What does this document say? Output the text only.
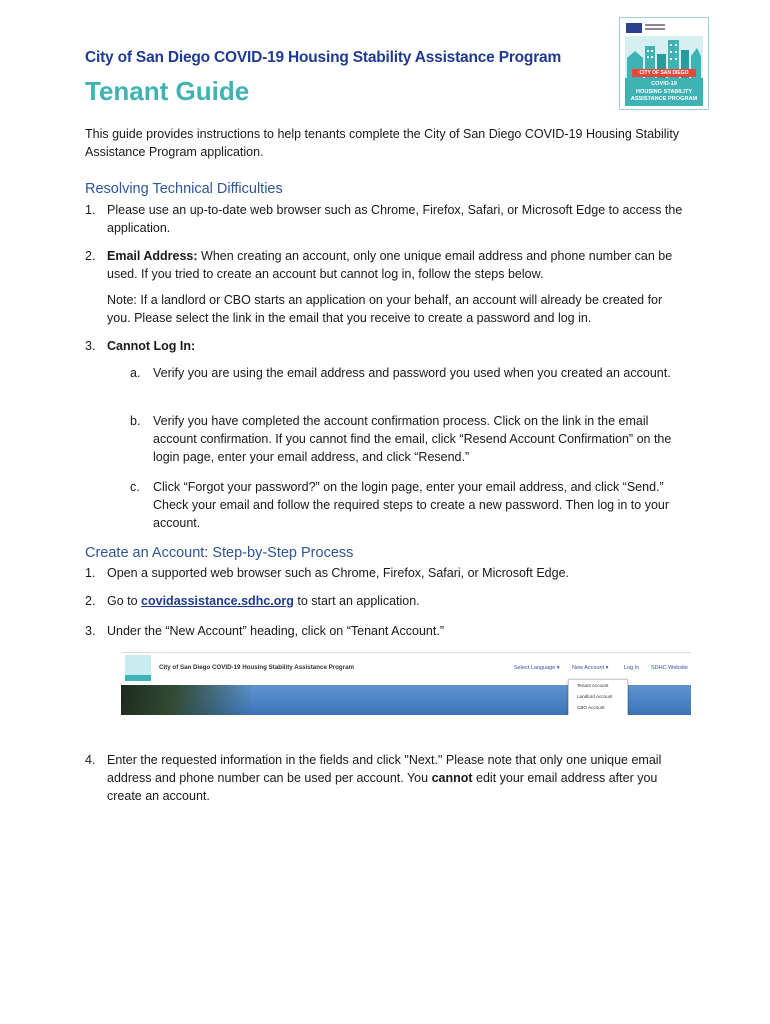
City of San Diego COVID-19 Housing Stability Assistance Program
Tenant Guide
CITY OF SAN DIEGO
COVID-19
HOUSING STABILITY
ASSISTANCE PROGRAM
This guide provides instructions to help tenants complete the City of San Diego COVID-19 Housing Stability Assistance Program application.
Resolving Technical Difficulties
1. Please use an up-to-date web browser such as Chrome, Firefox, Safari, or Microsoft Edge to access the application.
2. Email Address: When creating an account, only one unique email address and phone number can be used. If you tried to create an account but cannot log in, follow the steps below.
Note: If a landlord or CBO starts an application on your behalf, an account will already be created for you. Please select the link in the email that you receive to create a password and log in.
3. Cannot Log In:
a. Verify you are using the email address and password you used when you created an account.
b. Verify you have completed the account confirmation process. Click on the link in the email account confirmation. If you cannot find the email, click “Resend Account Confirmation” on the login page, enter your email address, and click “Resend.”
c. Click “Forgot your password?” on the login page, enter your email address, and click “Send.” Check your email and follow the required steps to create a new password. Then log in to your account.
Create an Account: Step-by-Step Process
1. Open a supported web browser such as Chrome, Firefox, Safari, or Microsoft Edge.
2. Go to covidassistance.sdhc.org to start an application.
3. Under the “New Account” heading, click on “Tenant Account.”
City of San Diego COVID-19 Housing Stability Assistance Program	Select Language ▾ New Account ▾	Log In SDHC Website
Tenant Account
Landlord Account
CBO Account
4. Enter the requested information in the fields and click "Next." Please note that only one unique email address and phone number can be used per account. You cannot edit your email address after you create an account.
